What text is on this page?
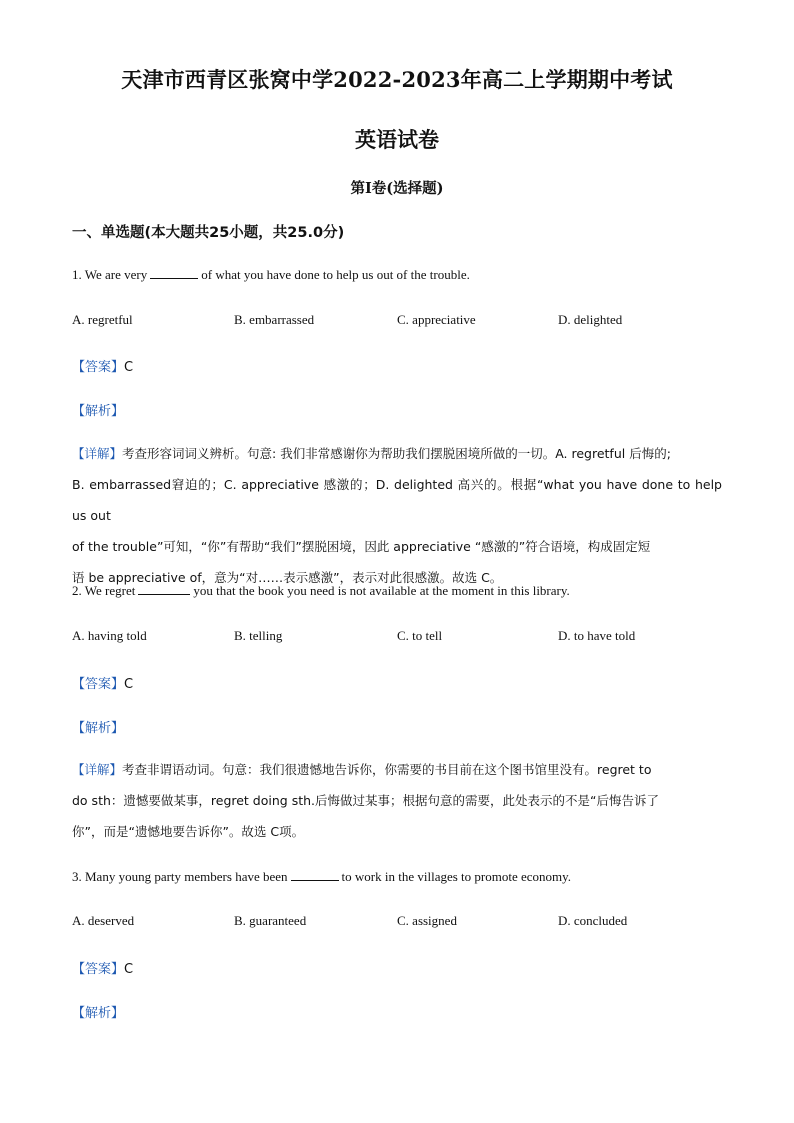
天津市西青区张窝中学2022-2023年高二上学期期中考试
英语试卷
第I卷(选择题)
一、单选题(本大题共25小题，共25.0分)
1. We are very	of what you have done to help us out of the trouble.
A. regretful	B. embarrassed	C. appreciative	D. delighted
【答案】C
【解析】
【详解】考查形容词词义辨析。句意: 我们非常感谢你为帮助我们摆脱困境所做的一切。A. regretful 后悔的;
B. embarrassed窘迫的；C. appreciative 感激的；D. delighted 高兴的。根据“what you have done to help us out
of the trouble”可知，“你”有帮助“我们”摆脱困境，因此 appreciative “感激的”符合语境，构成固定短
语 be appreciative of，意为“对……表示感激”，表示对此很感激。故选 C。
2. We regret	you that the book you need is not available at the moment in this library.
A. having told	B. telling	C. to tell	D. to have told
【答案】C
【解析】
【详解】考查非谓语动词。句意：我们很遗憾地告诉你，你需要的书目前在这个图书馆里没有。regret to
do sth：遗憾要做某事，regret doing sth.后悔做过某事；根据句意的需要，此处表示的不是“后悔告诉了
你”，而是“遗憾地要告诉你”。故选 C项。
3. Many young party members have been	to work in the villages to promote economy.
A. deserved	B. guaranteed	C. assigned	D. concluded
【答案】C
【解析】
